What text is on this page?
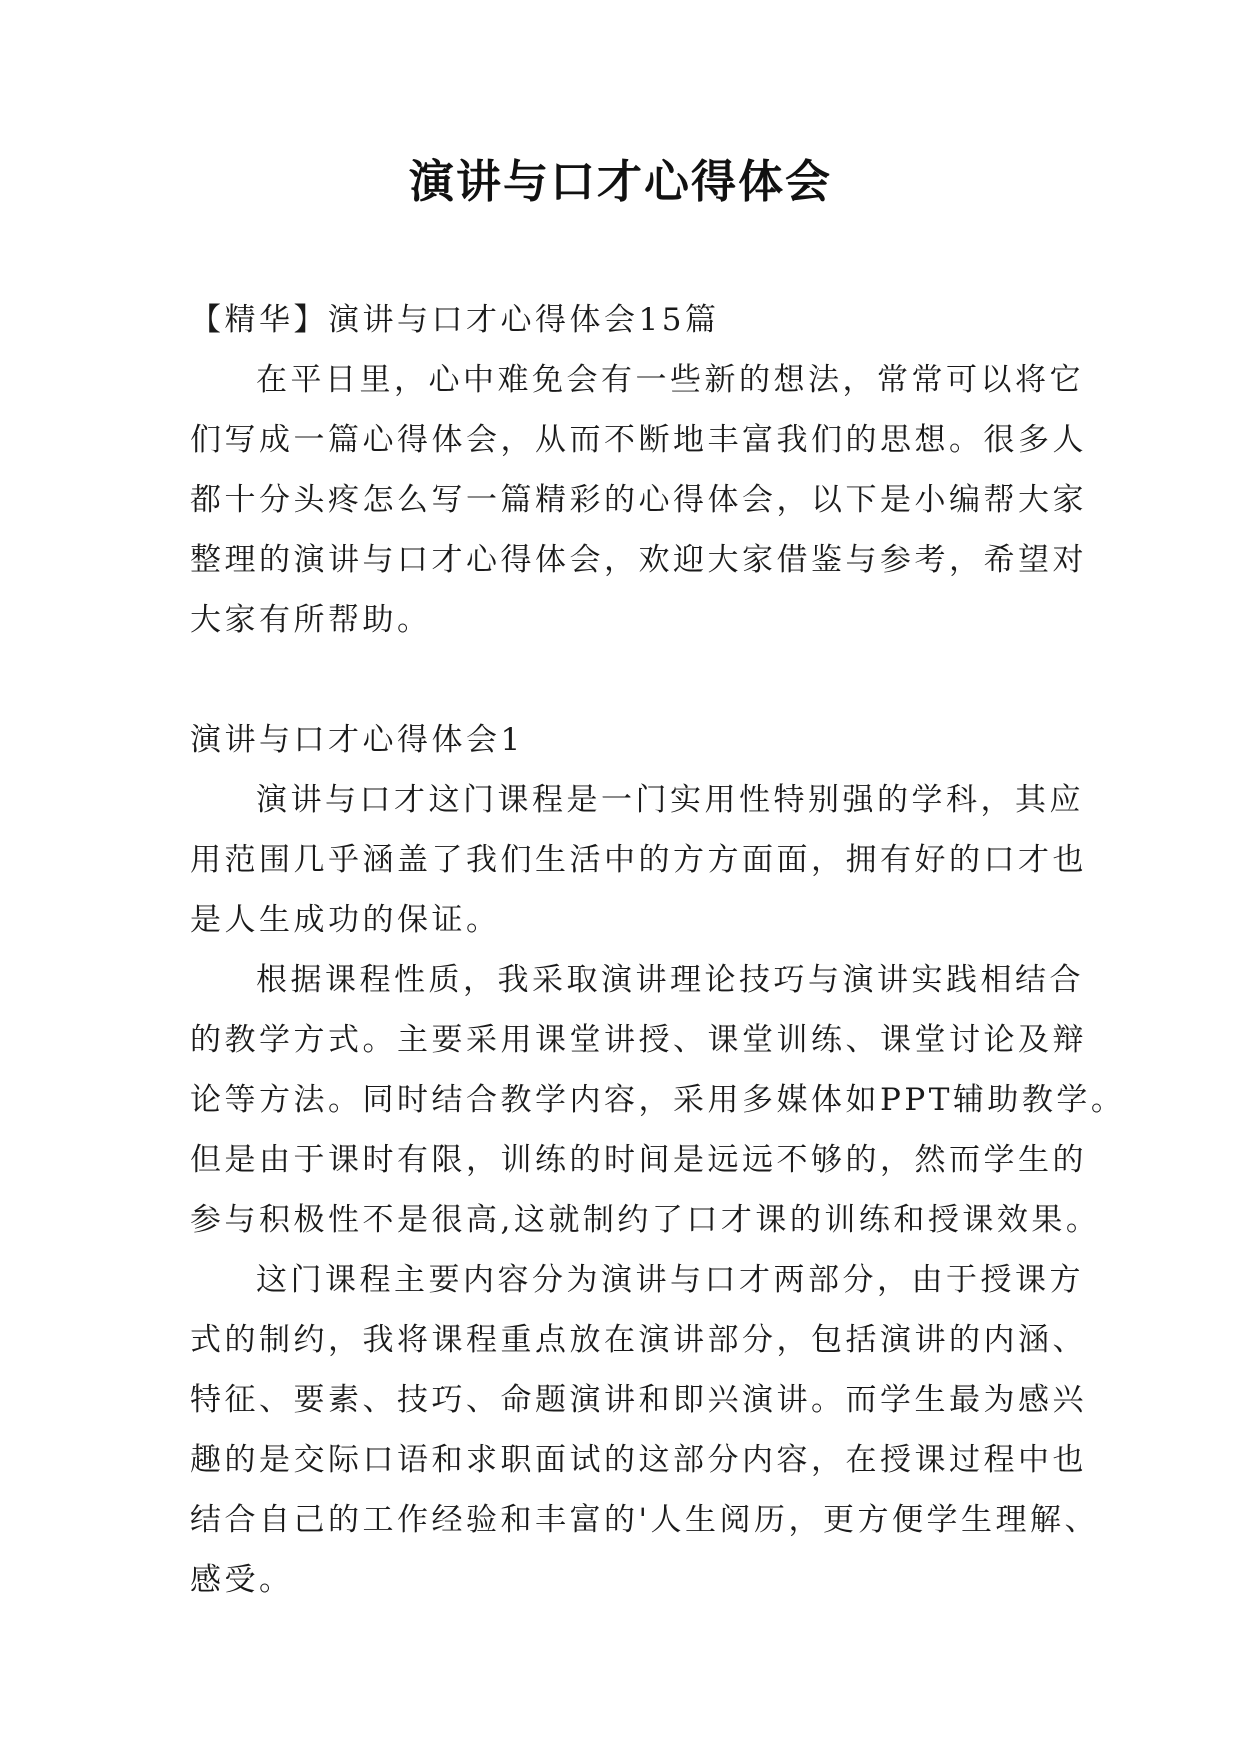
演讲与口才心得体会

【精华】演讲与口才心得体会15篇

在平日里，心中难免会有一些新的想法，常常可以将它

们写成一篇心得体会，从而不断地丰富我们的思想。很多人

都十分头疼怎么写一篇精彩的心得体会，以下是小编帮大家

整理的演讲与口才心得体会，欢迎大家借鉴与参考，希望对

大家有所帮助。

演讲与口才心得体会1

演讲与口才这门课程是一门实用性特别强的学科，其应

用范围几乎涵盖了我们生活中的方方面面，拥有好的口才也

是人生成功的保证。

根据课程性质，我采取演讲理论技巧与演讲实践相结合

的教学方式。主要采用课堂讲授、课堂训练、课堂讨论及辩

论等方法。同时结合教学内容，采用多媒体如PPT辅助教学。

但是由于课时有限，训练的时间是远远不够的，然而学生的

参与积极性不是很高,这就制约了口才课的训练和授课效果。

这门课程主要内容分为演讲与口才两部分，由于授课方

式的制约，我将课程重点放在演讲部分，包括演讲的内涵、

特征、要素、技巧、命题演讲和即兴演讲。而学生最为感兴

趣的是交际口语和求职面试的这部分内容，在授课过程中也

结合自己的工作经验和丰富的'人生阅历，更方便学生理解、

感受。
